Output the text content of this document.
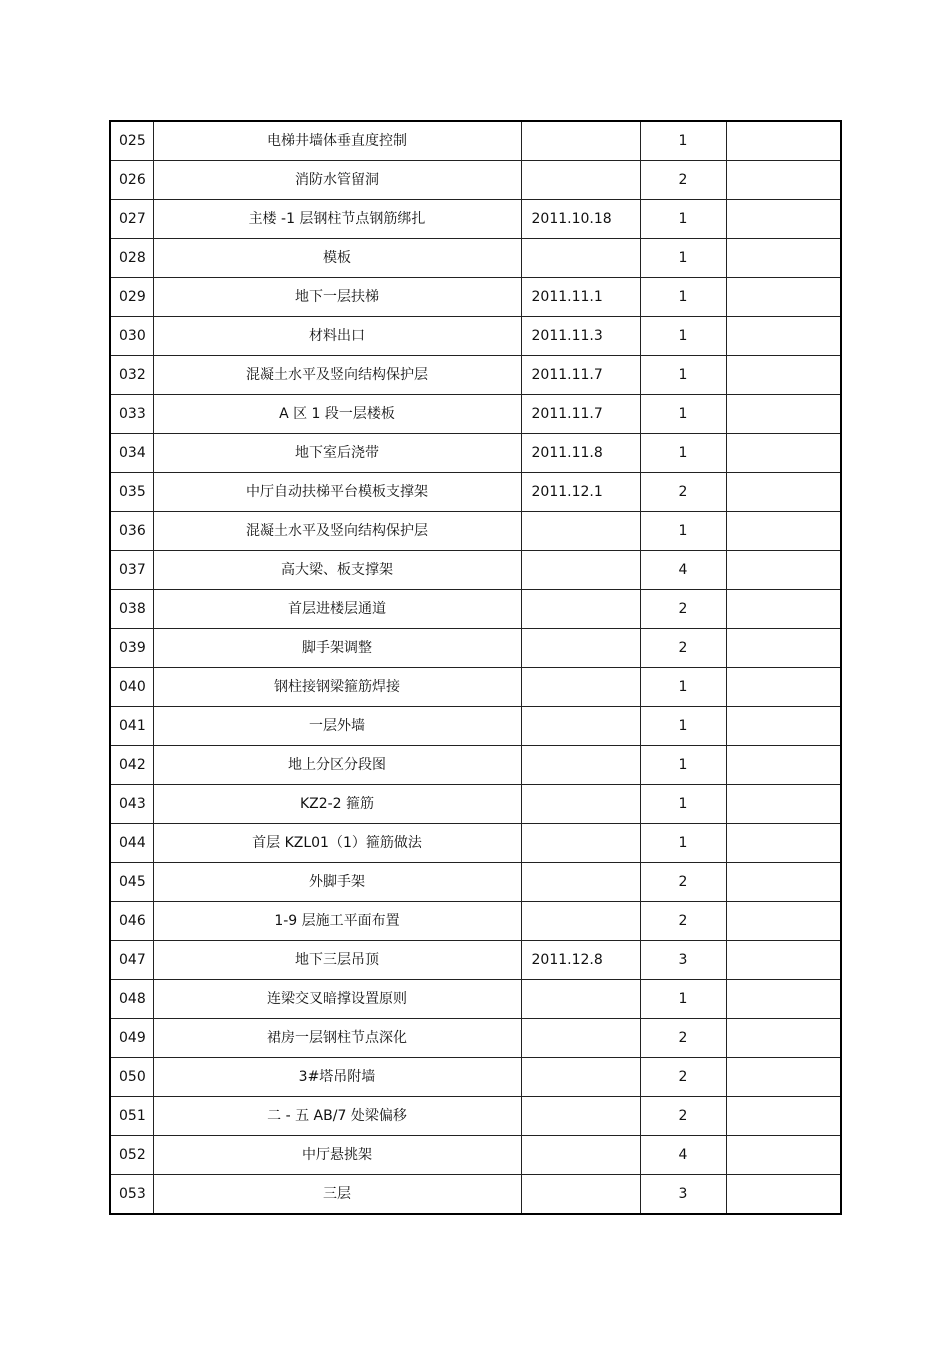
025	电梯井墙体垂直度控制		1	
026	消防水管留洞		2	
027	主楼 -1 层钢柱节点钢筋绑扎	2011.10.18	1	
028	模板		1	
029	地下一层扶梯	2011.11.1	1	
030	材料出口	2011.11.3	1	
032	混凝土水平及竖向结构保护层	2011.11.7	1	
033	A 区 1 段一层楼板	2011.11.7	1	
034	地下室后浇带	2011.11.8	1	
035	中厅自动扶梯平台模板支撑架	2011.12.1	2	
036	混凝土水平及竖向结构保护层		1	
037	高大梁、板支撑架		4	
038	首层进楼层通道		2	
039	脚手架调整		2	
040	钢柱接钢梁箍筋焊接		1	
041	一层外墙		1	
042	地上分区分段图		1	
043	KZ2-2 箍筋		1	
044	首层 KZL01（1）箍筋做法		1	
045	外脚手架		2	
046	1-9 层施工平面布置		2	
047	地下三层吊顶	2011.12.8	3	
048	连梁交叉暗撑设置原则		1	
049	裙房一层钢柱节点深化		2	
050	3#塔吊附墙		2	
051	二 - 五 AB/7 处梁偏移		2	
052	中厅悬挑架		4	
053	三层		3	
